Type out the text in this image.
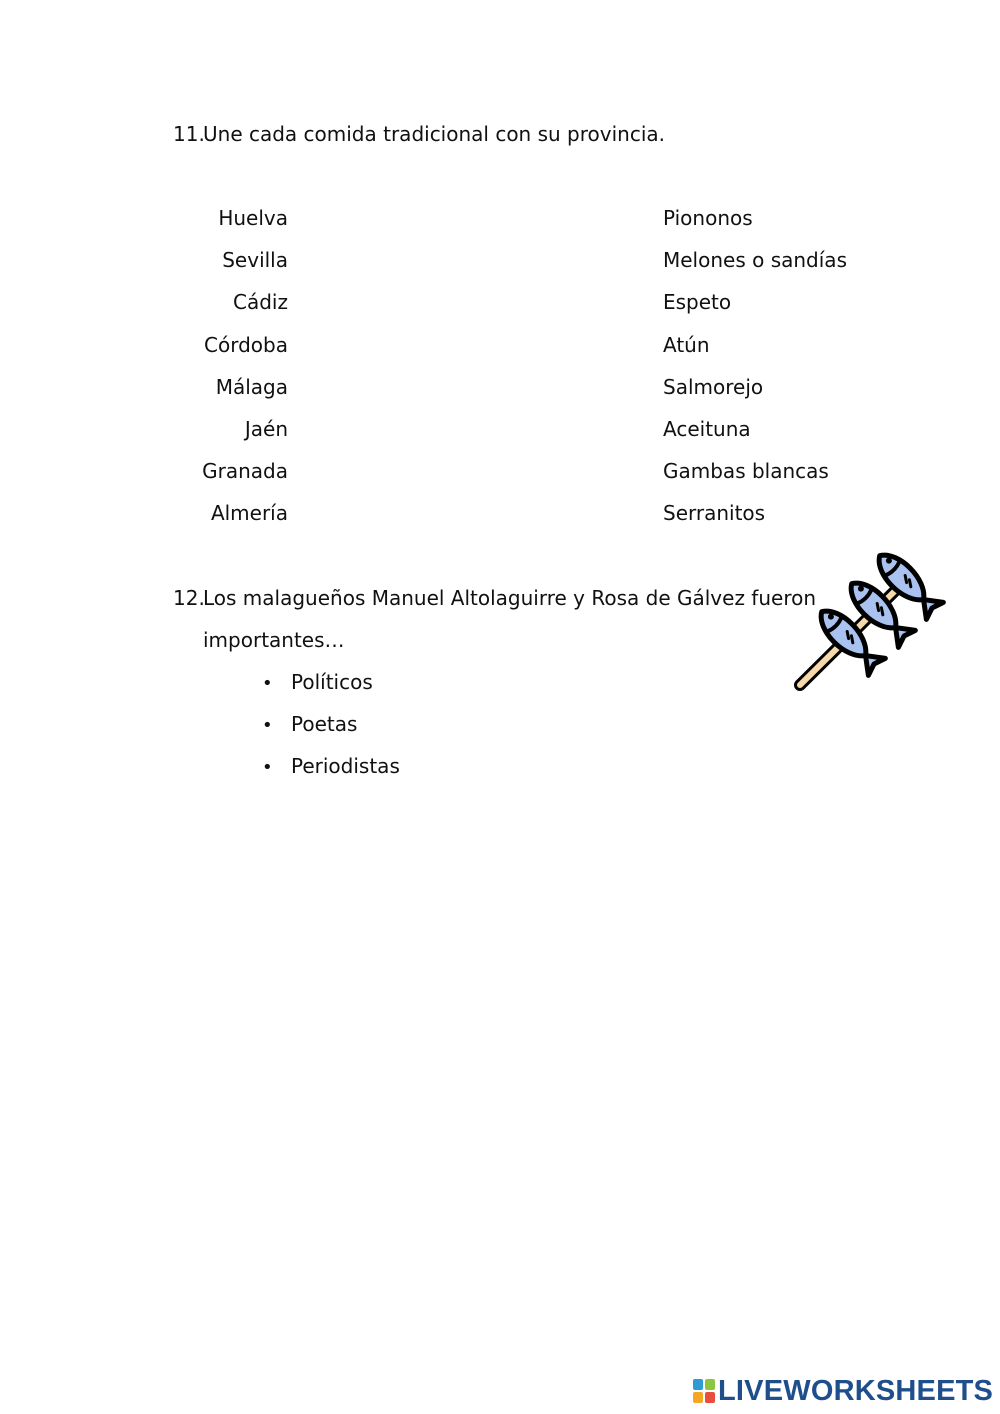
11.Une cada comida tradicional con su provincia.
Huelva
Sevilla
Cádiz
Córdoba
Málaga
Jaén
Granada
Almería
Piononos
Melones o sandías
Espeto
Atún
Salmorejo
Aceituna
Gambas blancas
Serranitos
12.Los malagueños Manuel Altolaguirre y Rosa de Gálvez fueron
importantes…
• Políticos
• Poetas
• Periodistas
LIVEWORKSHEETS
